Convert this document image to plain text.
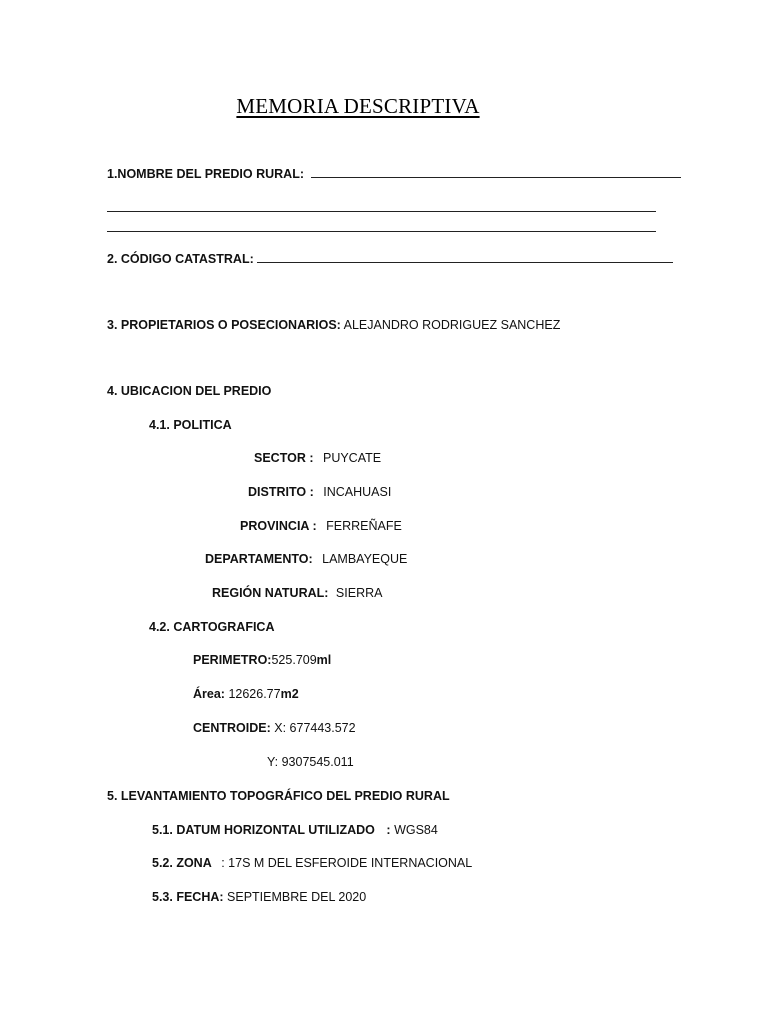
MEMORIA DESCRIPTIVA
1.NOMBRE DEL PREDIO RURAL:
2. CÓDIGO CATASTRAL:
3. PROPIETARIOS O POSECIONARIOS: ALEJANDRO RODRIGUEZ SANCHEZ
4. UBICACION DEL PREDIO
4.1. POLITICA
SECTOR : PUYCATE
DISTRITO : INCAHUASI
PROVINCIA : FERREÑAFE
DEPARTAMENTO: LAMBAYEQUE
REGIÓN NATURAL: SIERRA
4.2. CARTOGRAFICA
PERIMETRO:525.709ml
Área: 12626.77m2
CENTROIDE: X: 677443.572
Y: 9307545.011
5. LEVANTAMIENTO TOPOGRÁFICO DEL PREDIO RURAL
5.1. DATUM HORIZONTAL UTILIZADO : WGS84
5.2. ZONA : 17S M DEL ESFEROIDE INTERNACIONAL
5.3. FECHA: SEPTIEMBRE DEL 2020
